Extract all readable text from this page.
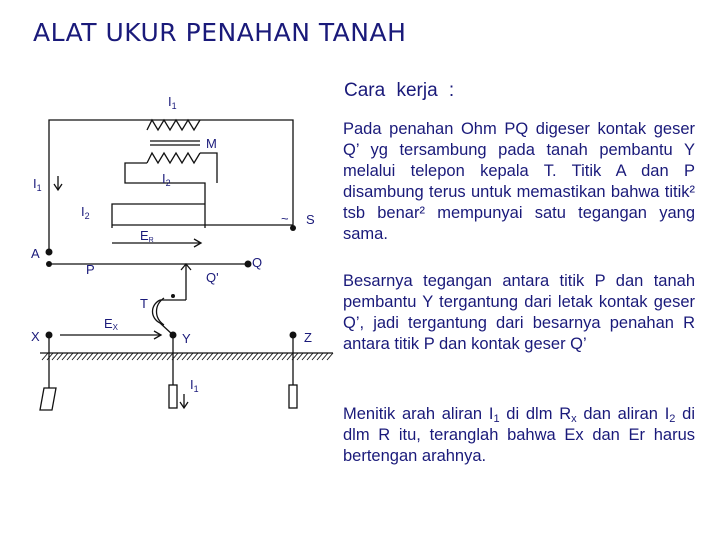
ALAT UKUR PENAHAN TANAH
$I_1$
M
$I_2$
$I_1$
$I_2$	~ S
ER
A
P	Q
Q'
T
EX
X	Y	Z
$I_1$
Cara kerja :
Pada penahan Ohm PQ digeser kontak geser Q’ yg tersambung pada tanah pembantu Y melalui telepon kepala T. Titik A dan P disambung terus untuk memastikan bahwa titik² tsb benar² mempunyai satu tegangan yang sama.
Besarnya tegangan antara titik P dan tanah pembantu Y tergantung dari letak kontak geser Q’, jadi tergantung dari besarnya penahan R antara titik P dan kontak geser Q’
Menitik arah aliran $I_1$ di dlm $R_x$ dan aliran $I_2$ di dlm R itu, teranglah bahwa Ex dan Er harus bertengan arahnya.
